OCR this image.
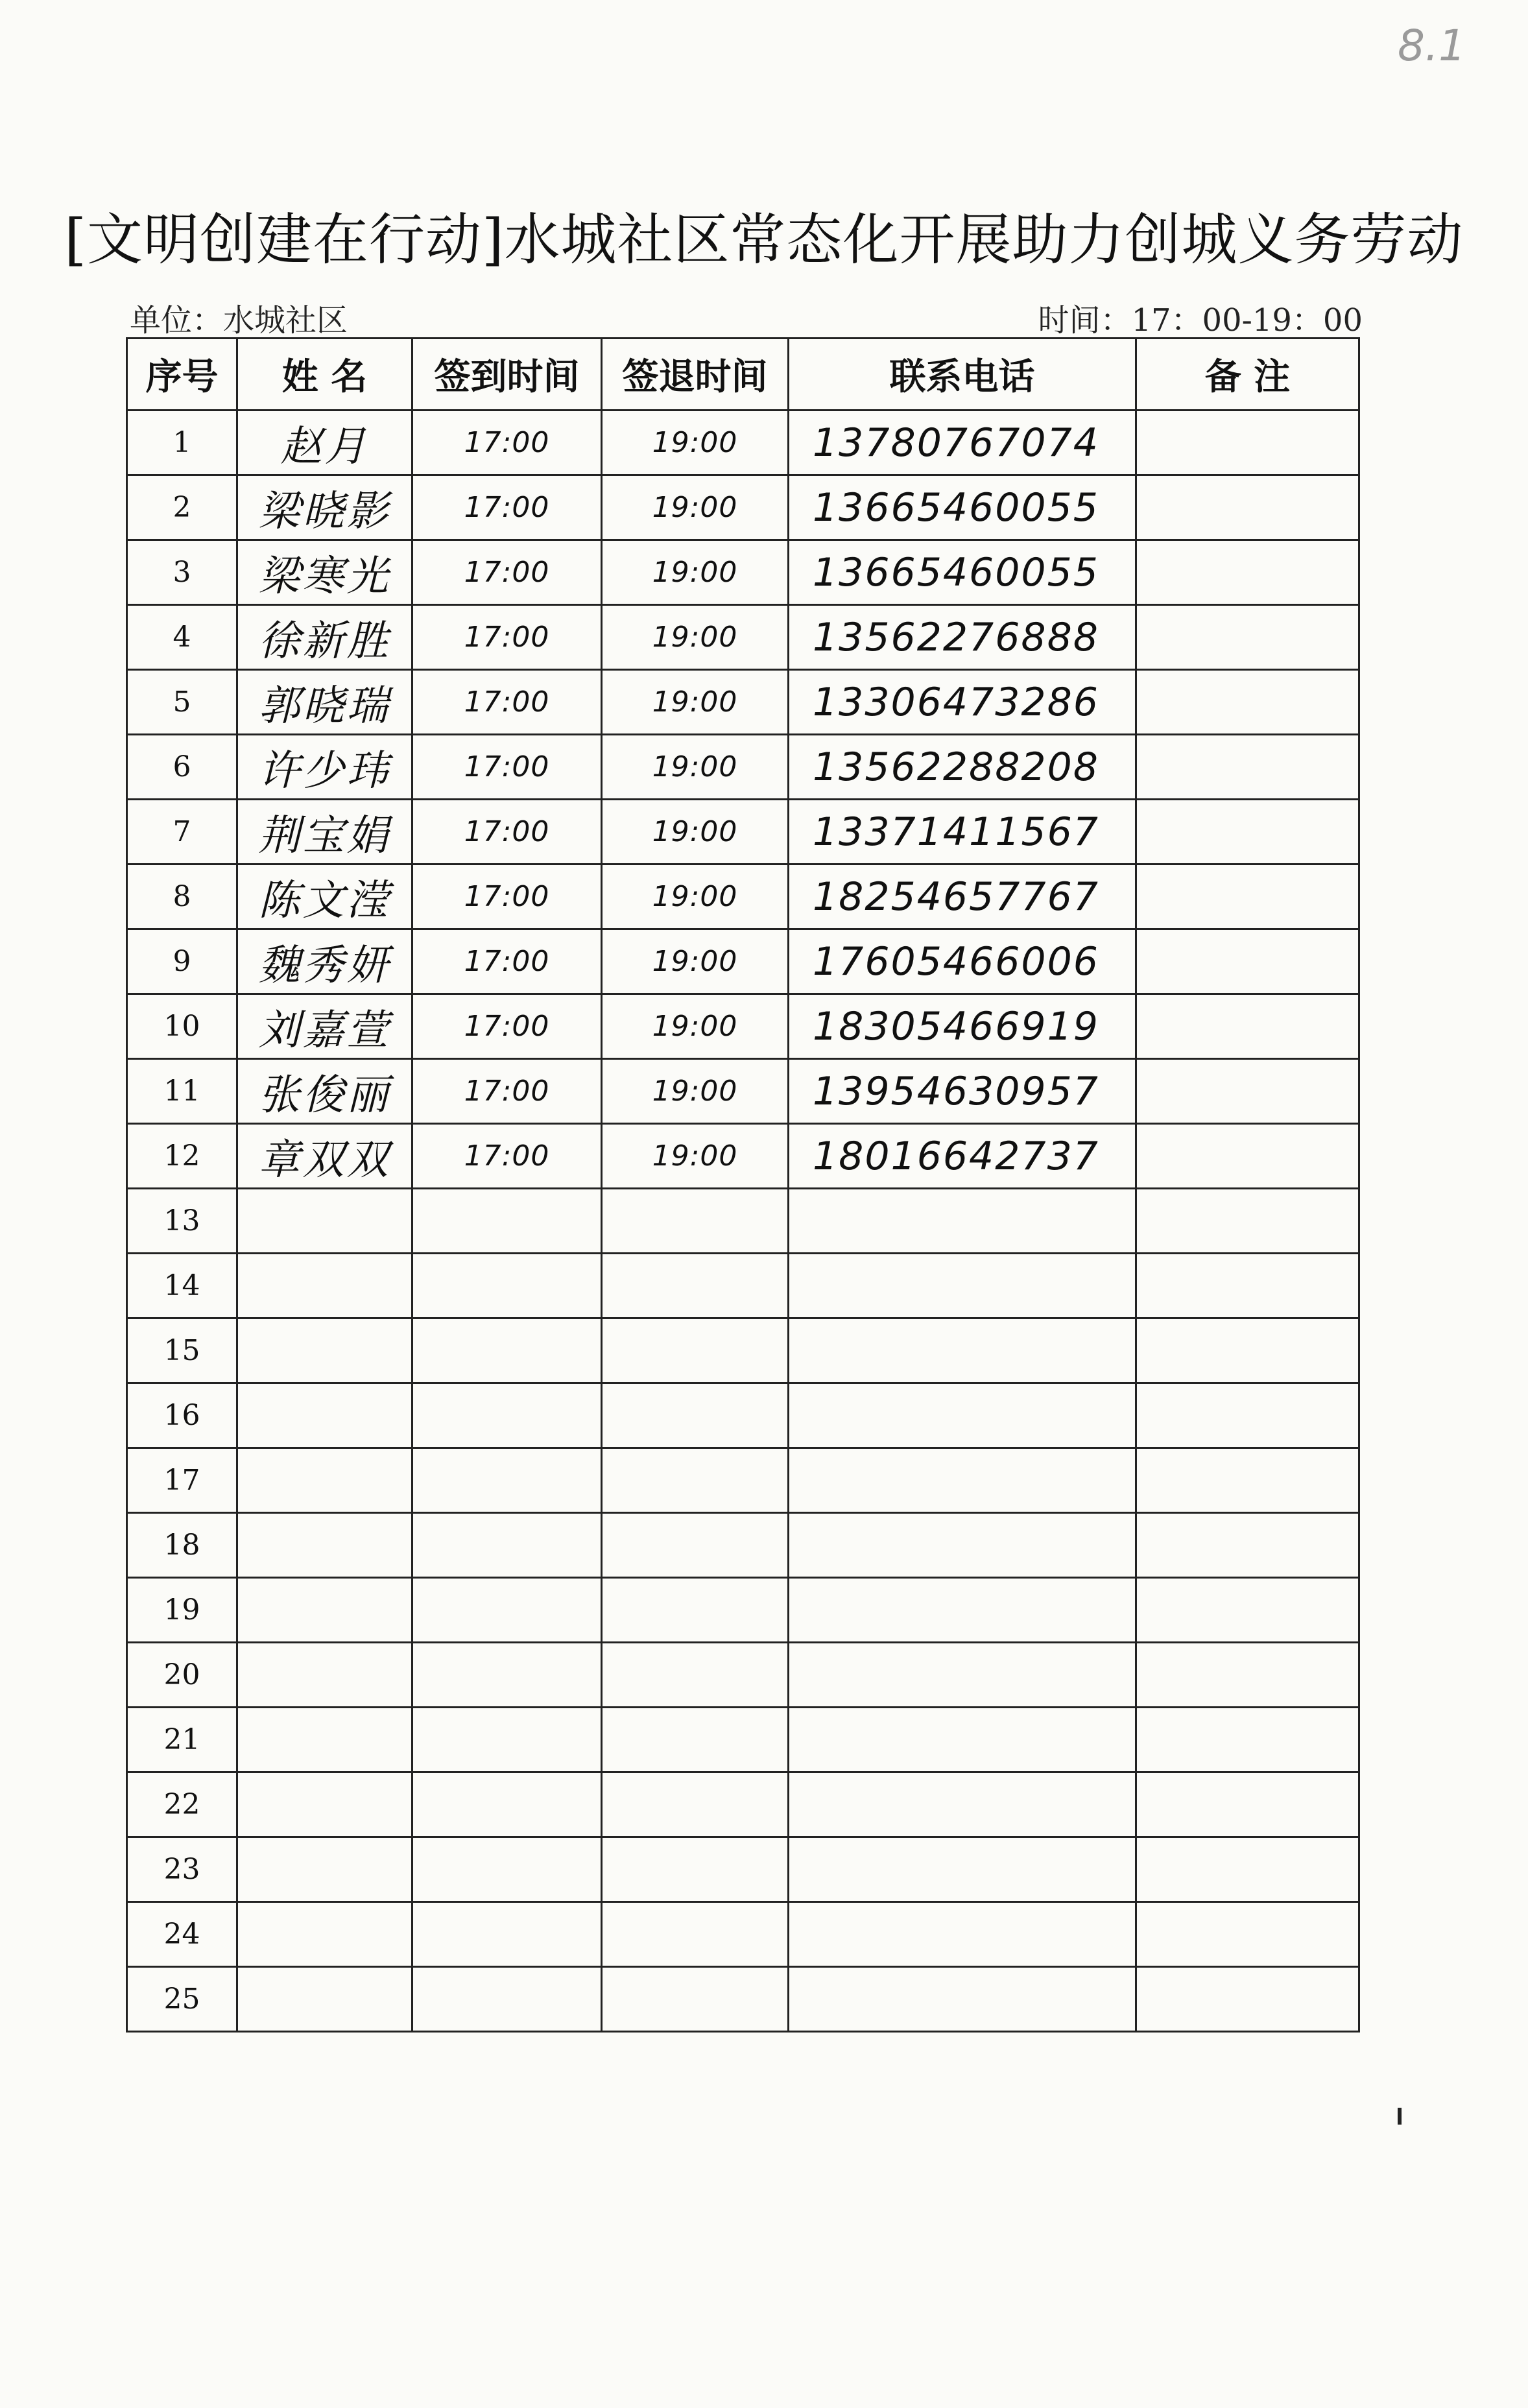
8.1
[文明创建在行动]水城社区常态化开展助力创城义务劳动
单位：水城社区	时间：17：00-19：00
序号	姓 名	签到时间	签退时间	联系电话	备 注
1	赵月	17:00	19:00	13780767074	
2	梁晓影	17:00	19:00	13665460055	
3	梁寒光	17:00	19:00	13665460055	
4	徐新胜	17:00	19:00	13562276888	
5	郭晓瑞	17:00	19:00	13306473286	
6	许少玮	17:00	19:00	13562288208	
7	荆宝娟	17:00	19:00	13371411567	
8	陈文滢	17:00	19:00	18254657767	
9	魏秀妍	17:00	19:00	17605466006	
10	刘嘉萱	17:00	19:00	18305466919	
11	张俊丽	17:00	19:00	13954630957	
12	章双双	17:00	19:00	18016642737	
13					
14					
15					
16					
17					
18					
19					
20					
21					
22					
23					
24					
25					
